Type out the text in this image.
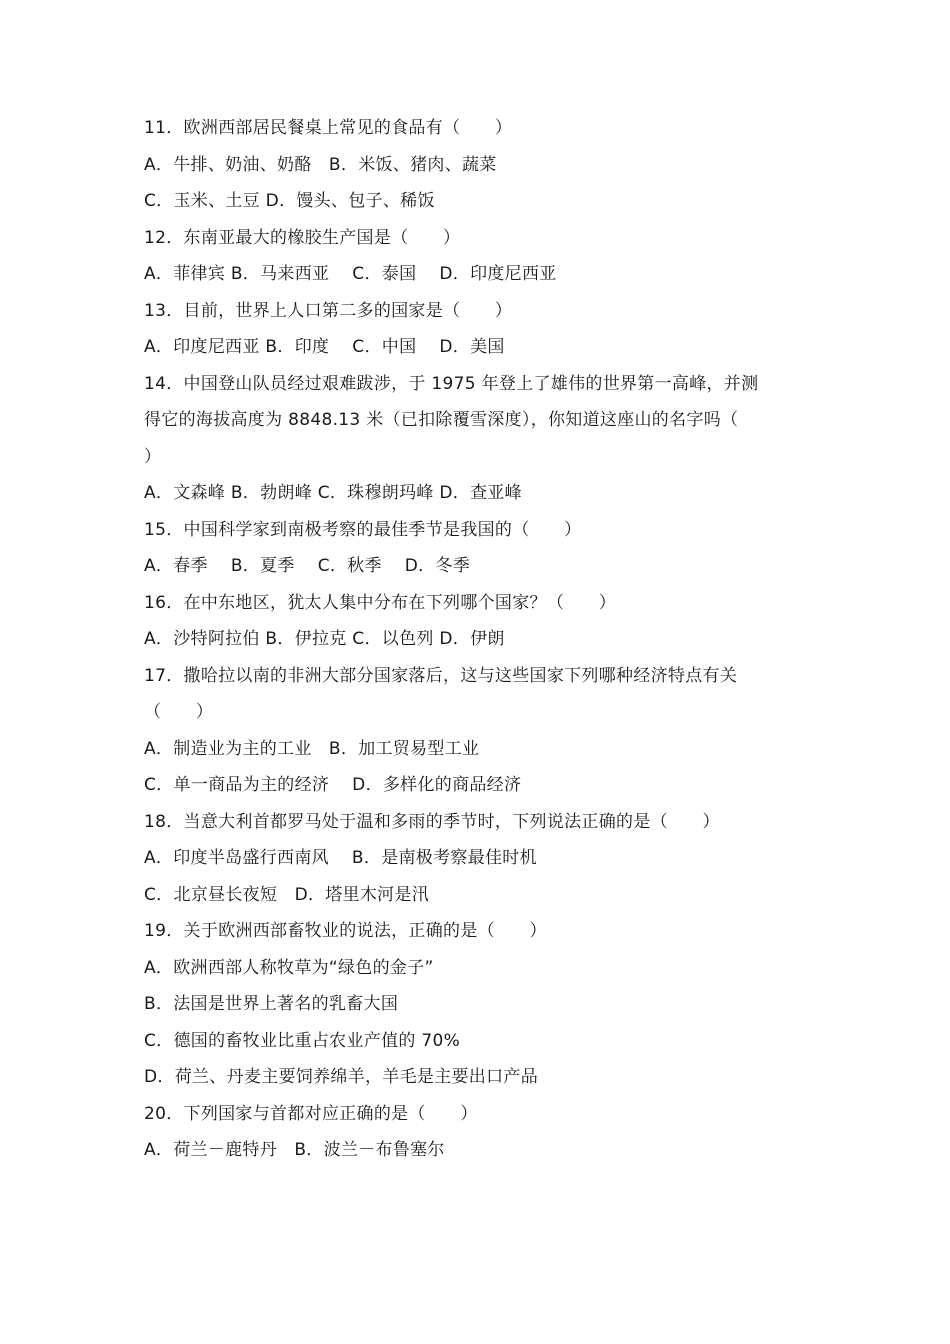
11．欧洲西部居民餐桌上常见的食品有（　　）
A．牛排、奶油、奶酪　B．米饭、猪肉、蔬菜
C．玉米、土豆 D．馒头、包子、稀饭
12．东南亚最大的橡胶生产国是（　　）
A．菲律宾 B．马来西亚　 C．泰国　 D．印度尼西亚
13．目前，世界上人口第二多的国家是（　　）
A．印度尼西亚 B．印度　 C．中国　 D．美国
14．中国登山队员经过艰难跋涉，于 1975 年登上了雄伟的世界第一高峰，并测
得它的海拔高度为 8848.13 米（已扣除覆雪深度），你知道这座山的名字吗（
）
A．文森峰 B．勃朗峰 C．珠穆朗玛峰 D．查亚峰
15．中国科学家到南极考察的最佳季节是我国的（　　）
A．春季　 B．夏季　 C．秋季　 D．冬季
16．在中东地区，犹太人集中分布在下列哪个国家？（　　）
A．沙特阿拉伯 B．伊拉克 C．以色列 D．伊朗
17．撒哈拉以南的非洲大部分国家落后，这与这些国家下列哪种经济特点有关
（　　）
A．制造业为主的工业　B．加工贸易型工业
C．单一商品为主的经济　 D．多样化的商品经济
18．当意大利首都罗马处于温和多雨的季节时，下列说法正确的是（　　）
A．印度半岛盛行西南风　 B．是南极考察最佳时机
C．北京昼长夜短　D．塔里木河是汛
19．关于欧洲西部畜牧业的说法，正确的是（　　）
A．欧洲西部人称牧草为“绿色的金子”
B．法国是世界上著名的乳畜大国
C．德国的畜牧业比重占农业产值的 70%
D．荷兰、丹麦主要饲养绵羊，羊毛是主要出口产品
20．下列国家与首都对应正确的是（　　）
A．荷兰－鹿特丹　B．波兰－布鲁塞尔
